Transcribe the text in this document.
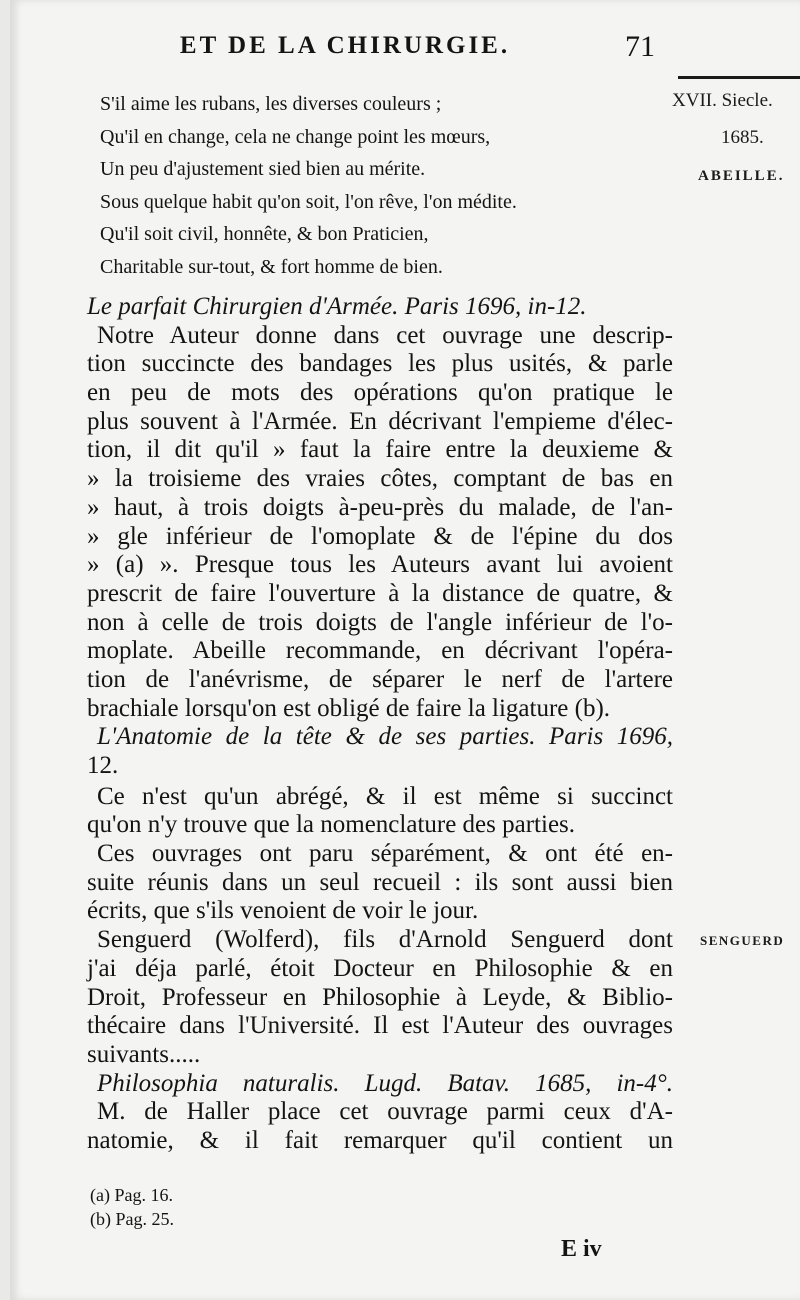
ET DE LA CHIRURGIE.	71
XVII. Siecle.
1685.
ABEILLE.
SENGUERD
S'il aime les rubans, les diverses couleurs ;
Qu'il en change, cela ne change point les mœurs,
Un peu d'ajustement sied bien au mérite.
Sous quelque habit qu'on soit, l'on rêve, l'on médite.
Qu'il soit civil, honnête, & bon Praticien,
Charitable sur-tout, & fort homme de bien.
Le parfait Chirurgien d'Armée. Paris 1696, in-12.
Notre Auteur donne dans cet ouvrage une descrip-
tion succincte des bandages les plus usités, & parle
en peu de mots des opérations qu'on pratique le
plus souvent à l'Armée. En décrivant l'empieme d'élec-
tion, il dit qu'il » faut la faire entre la deuxieme &
» la troisieme des vraies côtes, comptant de bas en
» haut, à trois doigts à-peu-près du malade, de l'an-
» gle inférieur de l'omoplate & de l'épine du dos
» (a) ». Presque tous les Auteurs avant lui avoient
prescrit de faire l'ouverture à la distance de quatre, &
non à celle de trois doigts de l'angle inférieur de l'o-
moplate. Abeille recommande, en décrivant l'opéra-
tion de l'anévrisme, de séparer le nerf de l'artere
brachiale lorsqu'on est obligé de faire la ligature (b).
L'Anatomie de la tête & de ses parties. Paris 1696,
12.
Ce n'est qu'un abrégé, & il est même si succinct
qu'on n'y trouve que la nomenclature des parties.
Ces ouvrages ont paru séparément, & ont été en-
suite réunis dans un seul recueil : ils sont aussi bien
écrits, que s'ils venoient de voir le jour.
Senguerd (Wolferd), fils d'Arnold Senguerd dont
j'ai déja parlé, étoit Docteur en Philosophie & en
Droit, Professeur en Philosophie à Leyde, & Biblio-
thécaire dans l'Université. Il est l'Auteur des ouvrages
suivants.....
Philosophia naturalis. Lugd. Batav. 1685, in-4°.
M. de Haller place cet ouvrage parmi ceux d'A-
natomie, & il fait remarquer qu'il contient un
(a) Pag. 16.
(b) Pag. 25.
E iv
